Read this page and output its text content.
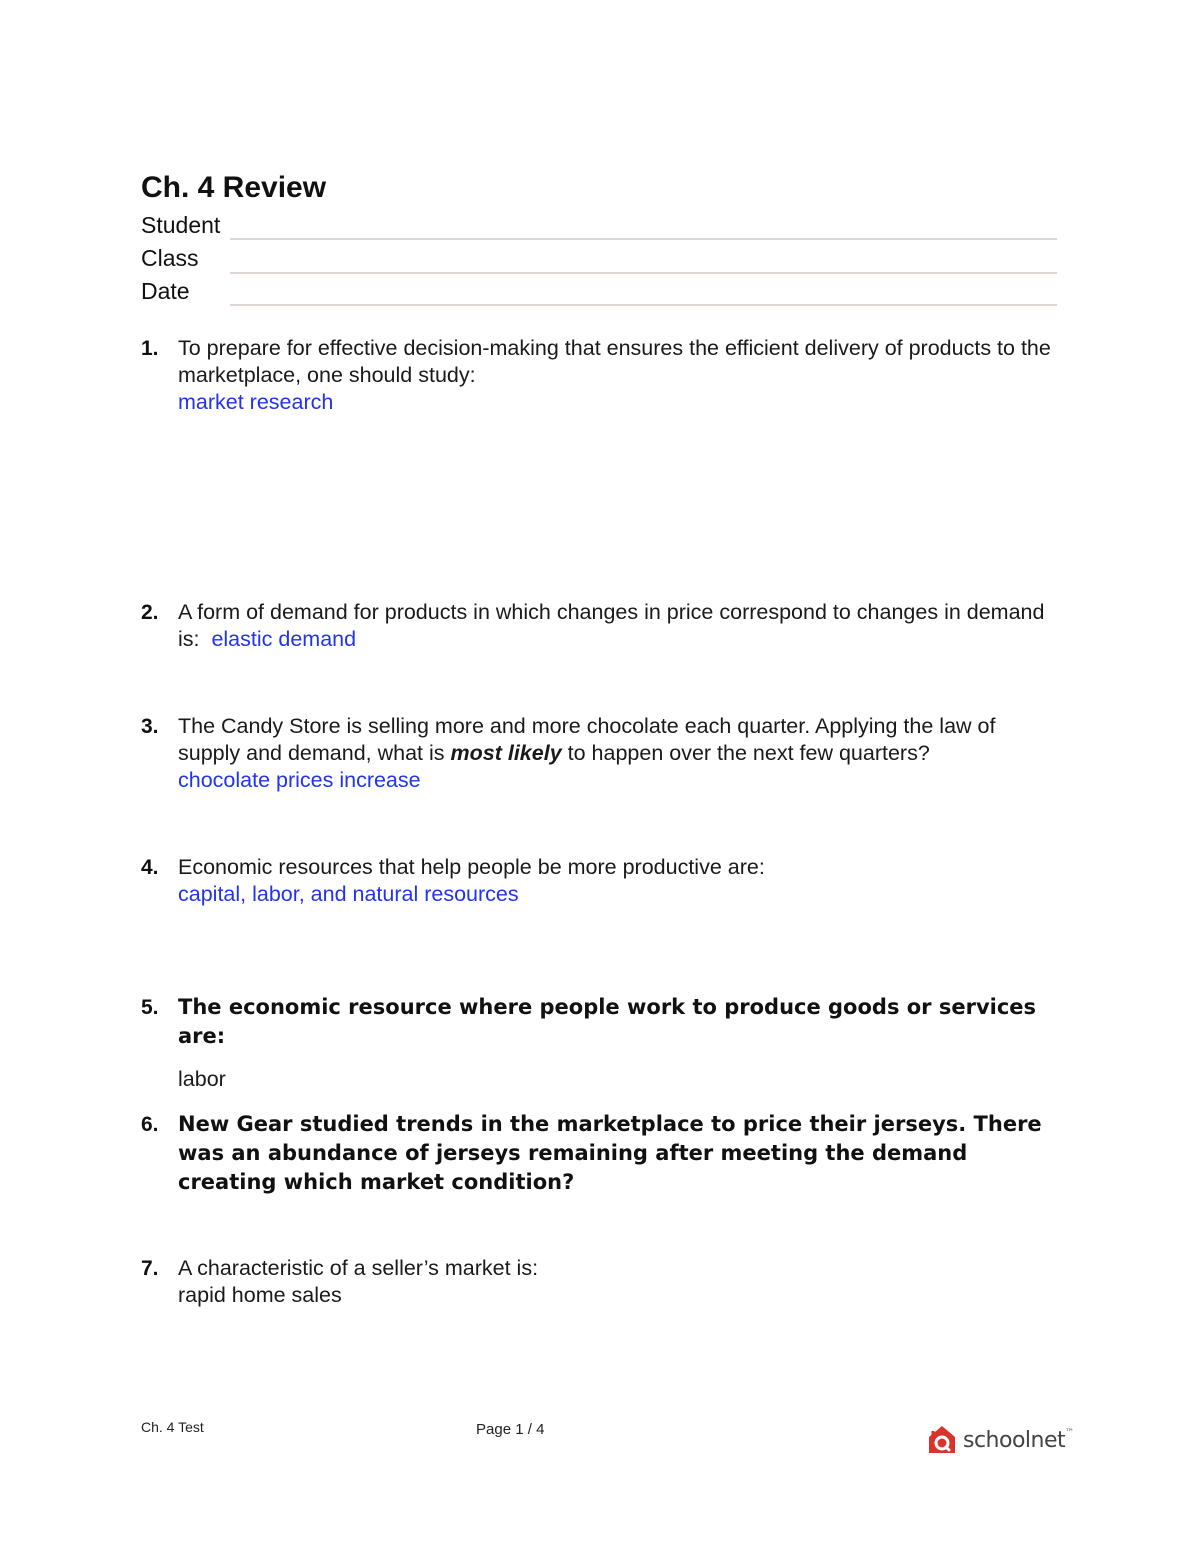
Ch. 4 Review
Student
Class
Date
1. To prepare for effective decision-making that ensures the efficient delivery of products to the marketplace, one should study:
market research
2. A form of demand for products in which changes in price correspond to changes in demand is: elastic demand
3. The Candy Store is selling more and more chocolate each quarter. Applying the law of supply and demand, what is most likely to happen over the next few quarters?
chocolate prices increase
4. Economic resources that help people be more productive are:
capital, labor, and natural resources
5. The economic resource where people work to produce goods or services are:
labor
6. New Gear studied trends in the marketplace to price their jerseys. There was an abundance of jerseys remaining after meeting the demand creating which market condition?
7. A characteristic of a seller’s market is:
rapid home sales
Ch. 4 Test	Page 1 / 4	schoolnet™
